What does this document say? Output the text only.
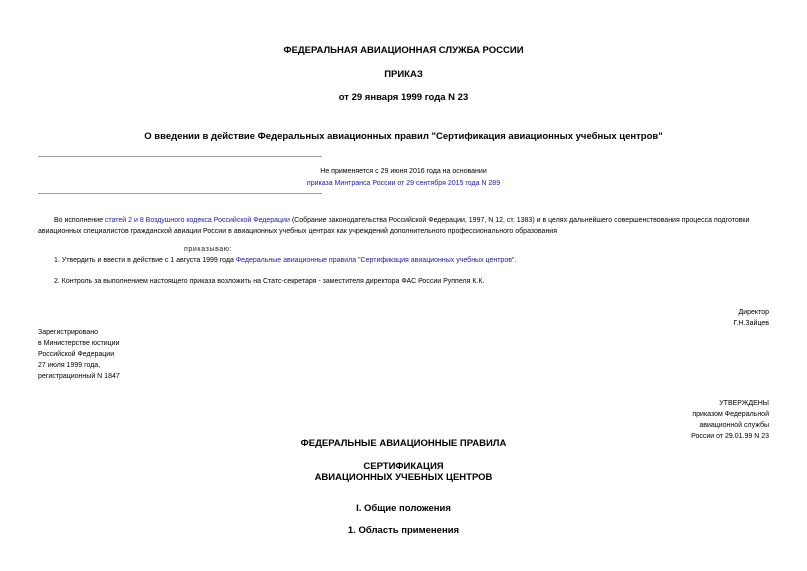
ФЕДЕРАЛЬНАЯ АВИАЦИОННАЯ СЛУЖБА РОССИИ
ПРИКАЗ
от 29 января 1999 года N 23
О введении в действие Федеральных авиационных правил "Сертификация авиационных учебных центров"
Не применяется с 29 июня 2016 года на основании
приказа Минтранса России от 29 сентября 2015 года N 289
Во исполнение статей 2 и 8 Воздушного кодекса Российской Федерации (Собрание законодательства Российской Федерации, 1997, N 12, ст. 1383) и в целях дальнейшего совершенствования процесса подготовки авиационных специалистов гражданской авиации России в авиационных учебных центрах как учреждений дополнительного профессионального образования
приказываю:
1. Утвердить и ввести в действие с 1 августа 1999 года Федеральные авиационные правила "Сертификация авиационных учебных центров".
2. Контроль за выполнением настоящего приказа возложить на Статс-секретаря - заместителя директора ФАС России Руппеля К.К.
Директор
Г.Н.Зайцев
Зарегистрировано
в Министерстве юстиции
Российской Федерации
27 июля 1999 года,
регистрационный N 1847
УТВЕРЖДЕНЫ
приказом Федеральной
авиационной службы
России от 29.01.99 N 23
ФЕДЕРАЛЬНЫЕ АВИАЦИОННЫЕ ПРАВИЛА
СЕРТИФИКАЦИЯ
АВИАЦИОННЫХ УЧЕБНЫХ ЦЕНТРОВ
I. Общие положения
1. Область применения
